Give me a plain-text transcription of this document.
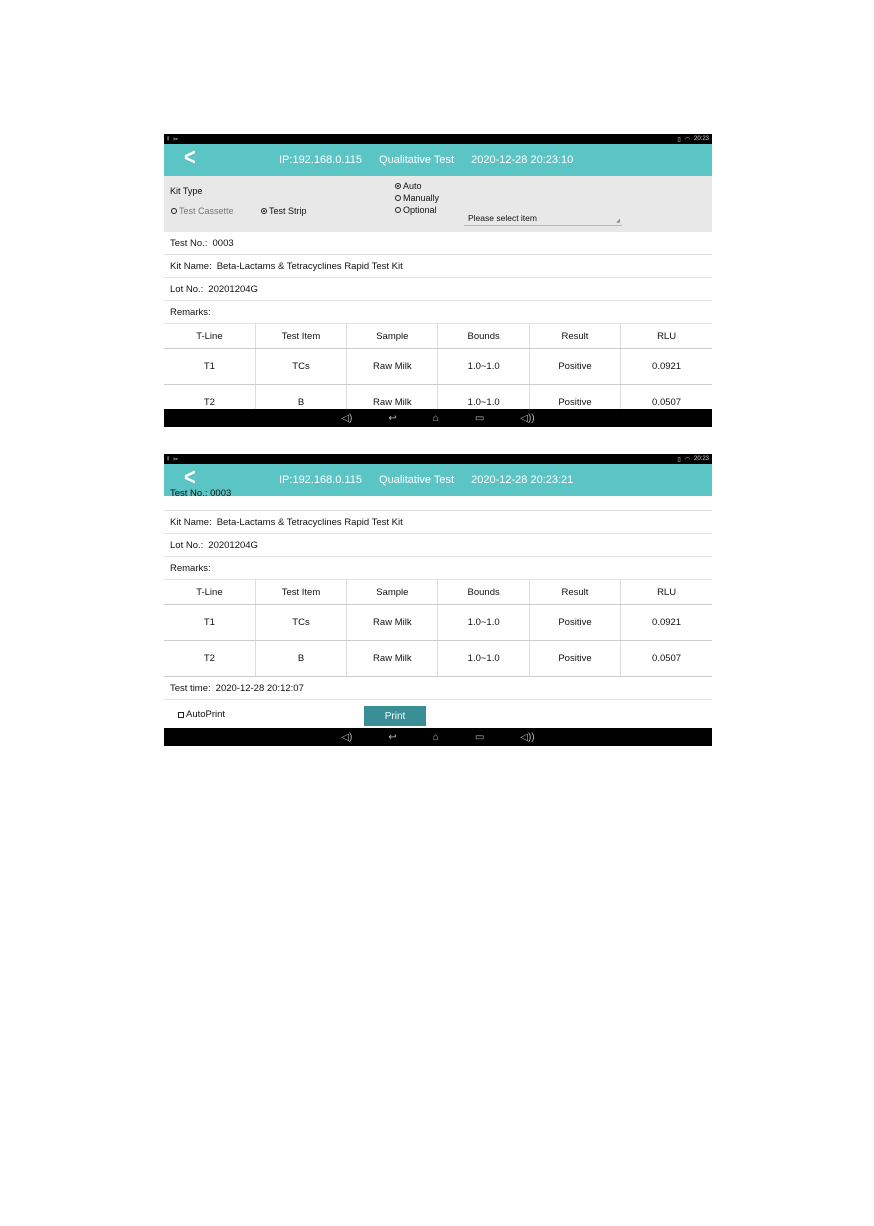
⭳ ✂	▯ ◠ 20:23
<	IP:192.168.0.115 Qualitative Test 2020-12-28 20:23:10
Kit Type
Test Cassette	Test Strip
Auto
Manually
Optional
Please select item	◢
Test No.: 0003
Kit Name: Beta-Lactams & Tetracyclines Rapid Test Kit
Lot No.: 20201204G
Remarks:
T-Line	Test Item	Sample	Bounds	Result	RLU
T1	TCs	Raw Milk	1.0~1.0	Positive	0.0921
T2	B	Raw Milk	1.0~1.0	Positive	0.0507
◁)	↩	⌂	▭	◁))
⭳ ✂	▯ ◠ 20:23
<	IP:192.168.0.115 Qualitative Test 2020-12-28 20:23:21
Test No.: 0003
Kit Name: Beta-Lactams & Tetracyclines Rapid Test Kit
Lot No.: 20201204G
Remarks:
T-Line	Test Item	Sample	Bounds	Result	RLU
T1	TCs	Raw Milk	1.0~1.0	Positive	0.0921
T2	B	Raw Milk	1.0~1.0	Positive	0.0507
Test time: 2020-12-28 20:12:07
AutoPrint	Print
◁)	↩	⌂	▭	◁))
